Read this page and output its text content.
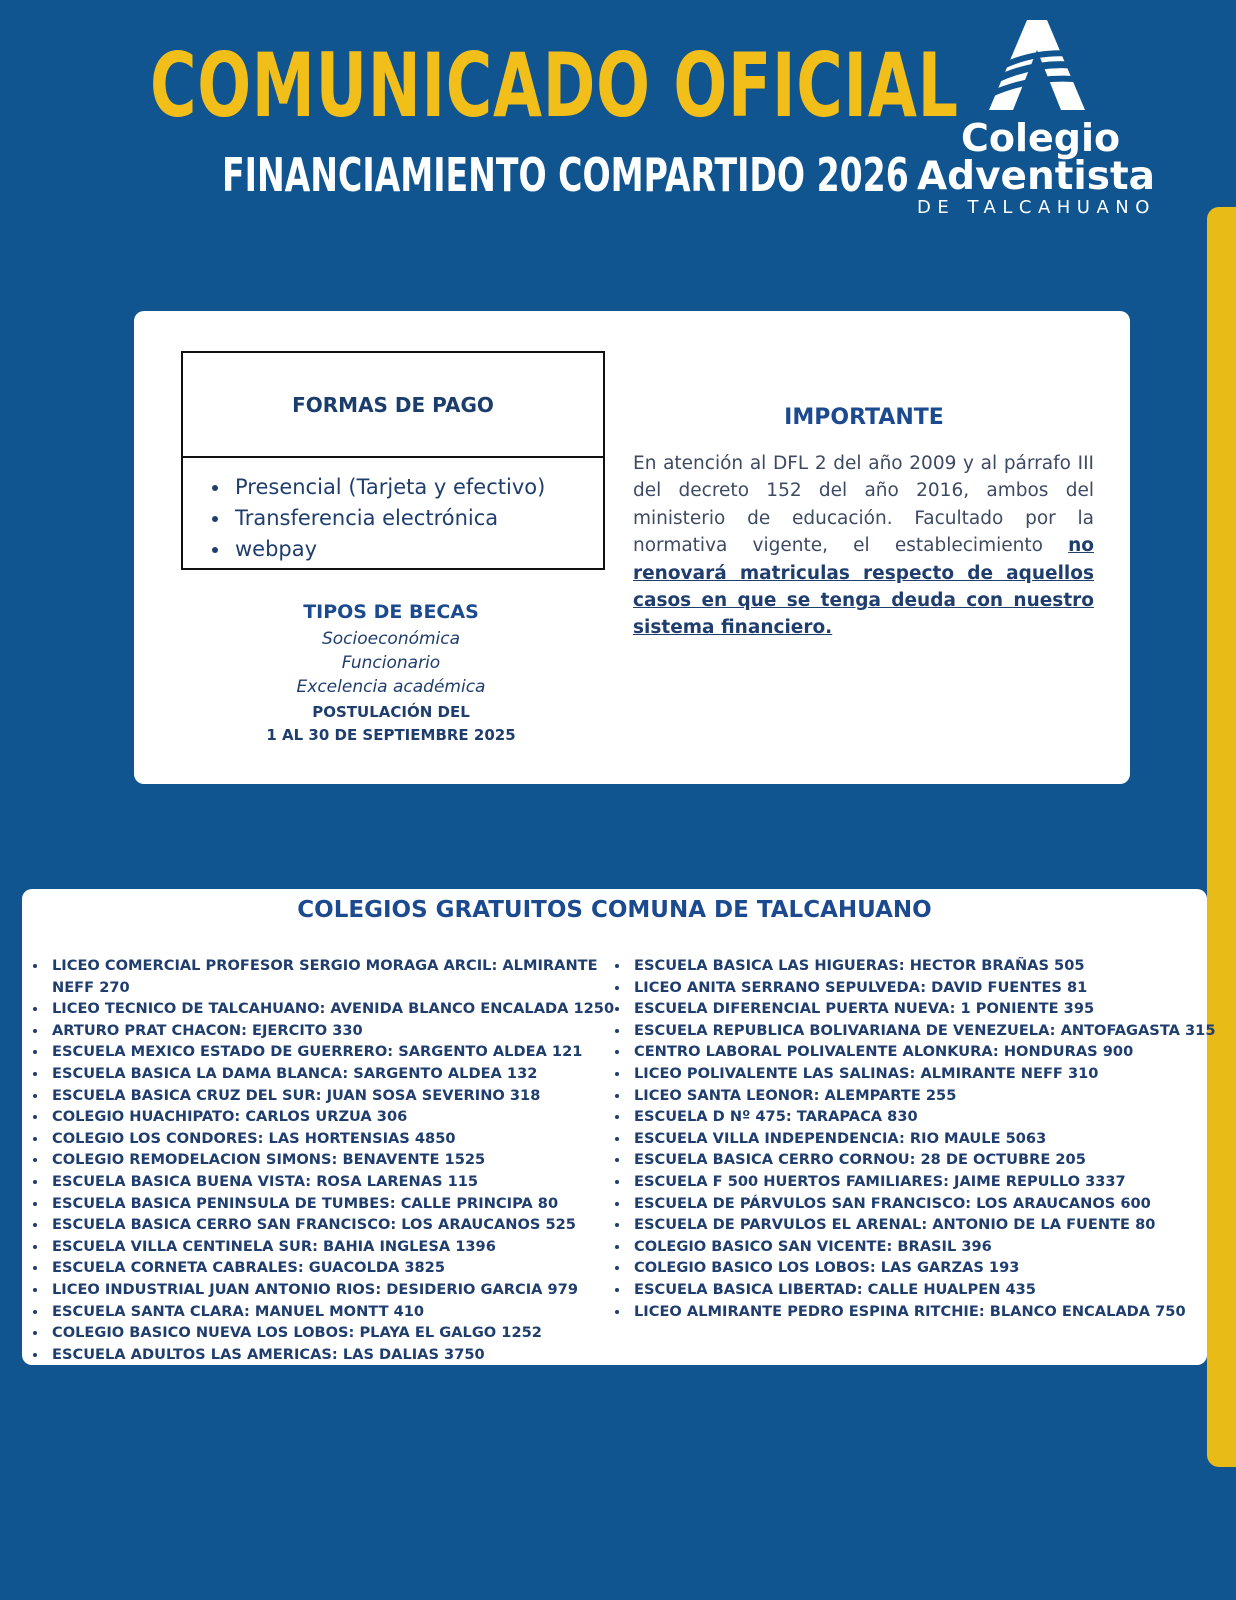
COMUNICADO OFICIAL
FINANCIAMIENTO COMPARTIDO 2026
Colegio
Adventista
DE TALCAHUANO
FORMAS DE PAGO
• Presencial (Tarjeta y efectivo)
• Transferencia electrónica
• webpay
TIPOS DE BECAS
Socioeconómica
Funcionario
Excelencia académica
POSTULACIÓN DEL
1 AL 30 DE SEPTIEMBRE 2025
IMPORTANTE

En atención al DFL 2 del año 2009 y al párrafo III del decreto 152 del año 2016, ambos del ministerio de educación. Facultado por la normativa vigente, el establecimiento no renovará matriculas respecto de aquellos casos en que se tenga deuda con nuestro sistema financiero.

COLEGIOS GRATUITOS COMUNA DE TALCAHUANO
• LICEO COMERCIAL PROFESOR SERGIO MORAGA ARCIL: ALMIRANTE NEFF 270
• LICEO TECNICO DE TALCAHUANO: AVENIDA BLANCO ENCALADA 1250
• ARTURO PRAT CHACON: EJERCITO 330
• ESCUELA MEXICO ESTADO DE GUERRERO: SARGENTO ALDEA 121
• ESCUELA BASICA LA DAMA BLANCA: SARGENTO ALDEA 132
• ESCUELA BASICA CRUZ DEL SUR: JUAN SOSA SEVERINO 318
• COLEGIO HUACHIPATO: CARLOS URZUA 306
• COLEGIO LOS CONDORES: LAS HORTENSIAS 4850
• COLEGIO REMODELACION SIMONS: BENAVENTE 1525
• ESCUELA BASICA BUENA VISTA: ROSA LARENAS 115
• ESCUELA BASICA PENINSULA DE TUMBES: CALLE PRINCIPA 80
• ESCUELA BASICA CERRO SAN FRANCISCO: LOS ARAUCANOS 525
• ESCUELA VILLA CENTINELA SUR: BAHIA INGLESA 1396
• ESCUELA CORNETA CABRALES: GUACOLDA 3825
• LICEO INDUSTRIAL JUAN ANTONIO RIOS: DESIDERIO GARCIA 979
• ESCUELA SANTA CLARA: MANUEL MONTT 410
• COLEGIO BASICO NUEVA LOS LOBOS: PLAYA EL GALGO 1252
• ESCUELA ADULTOS LAS AMERICAS: LAS DALIAS 3750
• ESCUELA BASICA LAS HIGUERAS: HECTOR BRAÑAS 505
• LICEO ANITA SERRANO SEPULVEDA: DAVID FUENTES 81
• ESCUELA DIFERENCIAL PUERTA NUEVA: 1 PONIENTE 395
• ESCUELA REPUBLICA BOLIVARIANA DE VENEZUELA: ANTOFAGASTA 315
• CENTRO LABORAL POLIVALENTE ALONKURA: HONDURAS 900
• LICEO POLIVALENTE LAS SALINAS: ALMIRANTE NEFF 310
• LICEO SANTA LEONOR: ALEMPARTE 255
• ESCUELA D Nº 475: TARAPACA 830
• ESCUELA VILLA INDEPENDENCIA: RIO MAULE 5063
• ESCUELA BASICA CERRO CORNOU: 28 DE OCTUBRE 205
• ESCUELA F 500 HUERTOS FAMILIARES: JAIME REPULLO 3337
• ESCUELA DE PÁRVULOS SAN FRANCISCO: LOS ARAUCANOS 600
• ESCUELA DE PARVULOS EL ARENAL: ANTONIO DE LA FUENTE 80
• COLEGIO BASICO SAN VICENTE: BRASIL 396
• COLEGIO BASICO LOS LOBOS: LAS GARZAS 193
• ESCUELA BASICA LIBERTAD: CALLE HUALPEN 435
• LICEO ALMIRANTE PEDRO ESPINA RITCHIE: BLANCO ENCALADA 750
